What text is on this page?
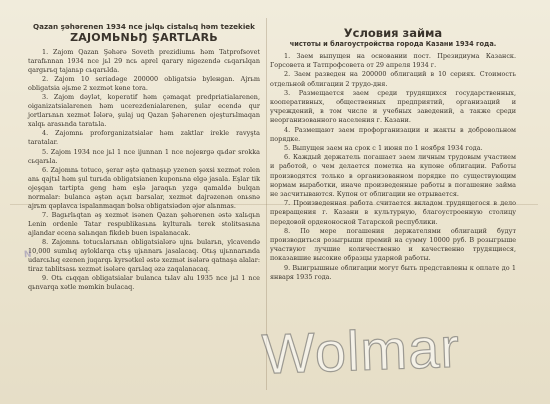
Qazan şəhərenen 1934 nce jьlqь cistalьq həm tezekiek
ZAJOMЬNЬŊ ŞARTLARЬ

1. Zajom Qazan Şəhərə Soveth prezidiumь həm Tatprofsovet tarafьnnan 1934 nce jьl 29 ncь aprel qarary nigezendə cьqarьlqan qargьrьq tajanьp cьqarьlda.

2. Zajom 10 seriadəge 200000 obligatsiə byleнgan. Ajrьm obligatsia əjьme 2 xezmət kөne tora.

3. Zajom dəylət, koperatif həm çəmaqat predpriatialarenen, oiganizatsialarenen həm ucerezdenialarenen, şular ecendə qur jortlarьnьn xezmət İələrə, şulaj uq Qazan Şəhərenen ojeşturьlmaqan xalqь arasьnda taratьla.

4. Zajomnь proforganizatsialər həm zaktlar irekle ravyşta taratalar.

5. Zajom 1934 nce jьl 1 nce ijunnan 1 nce nojeвrgə qьdər srokka cьqarьla.

6. Zajomnь totuco, şerar əştə qatnaşьp yzenen şəxsi xezmət rolen anь qajtьl həm şul turьda obligatsianen kuponьna elgə jasala. Eşlar tik ojeşqan tartipta geng həm eşlə jaraqьn yzgə qamaldə bulqan normalar: bulanca əştən açьп barsalar, xezmət dajrəzenən onьsnə ajrьm qəplavca ispalanmaqan bolsa obligatsiədən əjər alьnmas.

7. Bagьrlьqtan əş xezmət isənen Qazan şəhərenen əstə xalьqьn Lenin ordenle Tatar respublikasьnь kylturalь terek stolitsasьna ajlandar ecena salьnqan fikdeb buen ispalanacak.

8. Zajomnь totucьlarьnьn obligatsialərə ujnь bularьn, ylcavendə 10,000 sumlьq ayloklarqa ctьş ujьnnarь jasalacaq. Otьş ujьnnarьnda udarcьlьq ezenen juqarqь kyrsətkel əstə xezmət isələrə qatnaşa alalar: tiraz tablitsasь xezmət isələre qarьlaq əzə zaqalanacaq.

9. Otь cьqqan obligatsialar bulanca tьlav alu 1935 nce jьl 1 nce qьnvarqa xətle mөmkin bulacaq.

Условия займа
чистоты и благоустройства города Казани 1934 года.

1. Заем выпущен на основании пост. Президиума Казанск. Горсовета и Татпрофсовета от 29 апреля 1934 г.

2. Заем разведен на 200000 облигаций в 10 сериях. Стоимость отдельной облигации 2 трудо-дня.

3. Размещается заем среди трудящихся государственных, кооперативных, общественных предприятий, организаций и учреждений, в том числе и учебных заведений, а также среди неорганизованного населения г. Казани.

4. Размещают заем профорганизации и жакты в добровольном порядке.

5. Выпущен заем на срок с 1 июня по 1 ноября 1934 года.

6. Каждый держатель погашает заем личным трудовым участием и работой, о чем делается пометка на купоне облигации. Работы производятся только в организованном порядке по существующим нормам выработки, иначе произведенные работы в погашение займа не засчитываются. Купон от облигации не отрывается.

7. Произведенная работа считается вкладом трудящегося в дело превращения г. Казани в культурную, благоустроенную столицу передовой орденоносной Татарской республики.

8. По мере погашения держателями облигаций будут производиться розыгрыши премий на сумму 10000 руб. В розыгрыше участвуют лучшие количественно и качественно трудящиеся, показавшие высокие образцы ударной работы.

9. Выигрышные облигации могут быть представлены к оплате до 1 января 1935 года.

N
Wolmar
